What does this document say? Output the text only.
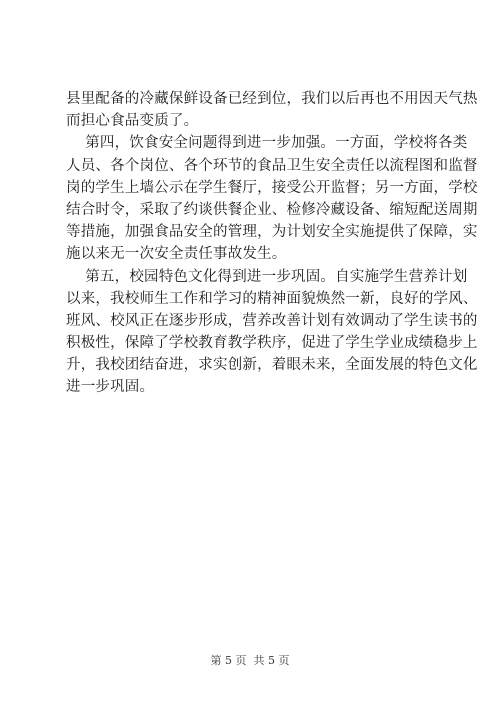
县里配备的冷藏保鲜设备已经到位，我们以后再也不用因天气热
而担心食品变质了。
第四，饮食安全问题得到进一步加强。一方面，学校将各类
人员、各个岗位、各个环节的食品卫生安全责任以流程图和监督
岗的学生上墙公示在学生餐厅，接受公开监督；另一方面，学校
结合时令，采取了约谈供餐企业、检修冷藏设备、缩短配送周期
等措施，加强食品安全的管理，为计划安全实施提供了保障，实
施以来无一次安全责任事故发生。
第五，校园特色文化得到进一步巩固。自实施学生营养计划
以来，我校师生工作和学习的精神面貌焕然一新，良好的学风、
班风、校风正在逐步形成，营养改善计划有效调动了学生读书的
积极性，保障了学校教育教学秩序，促进了学生学业成绩稳步上
升，我校团结奋进，求实创新，着眼未来，全面发展的特色文化
进一步巩固。
第 5 页  共 5 页
